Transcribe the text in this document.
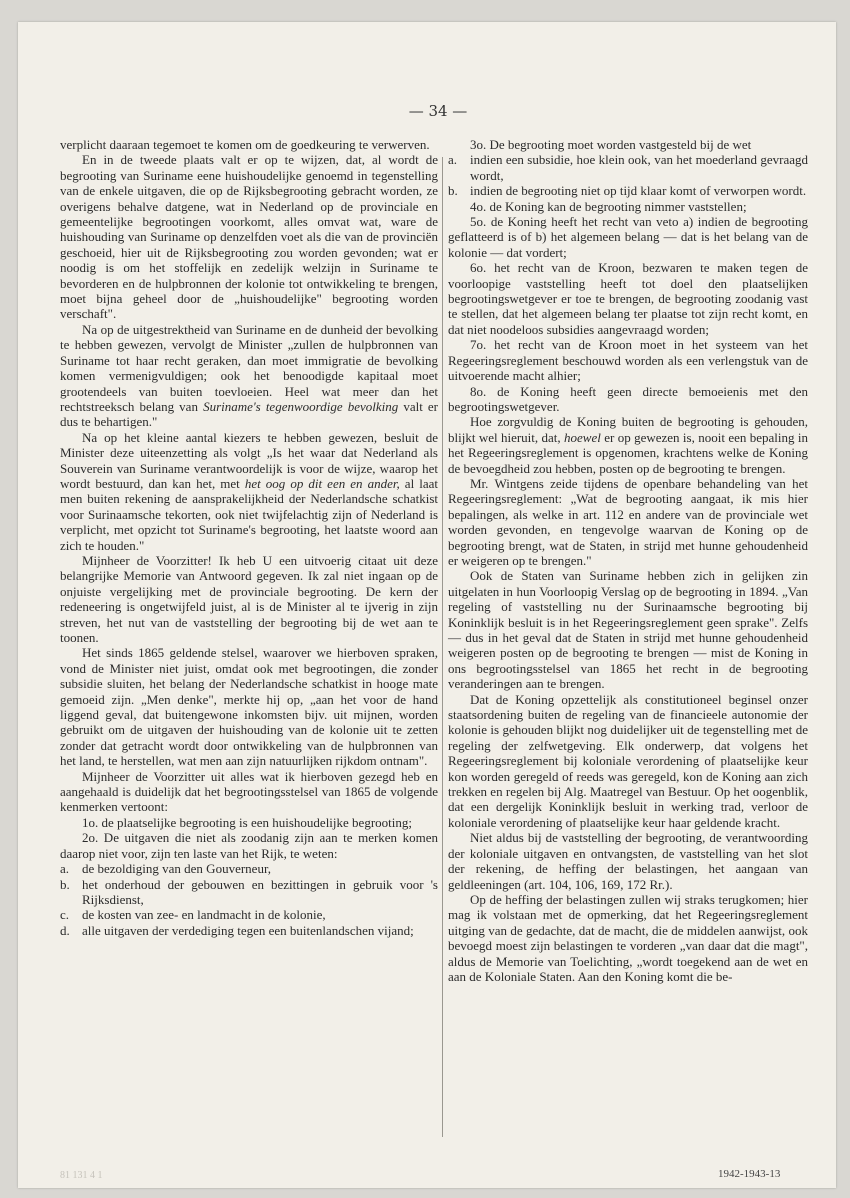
— 34 —

verplicht daaraan tegemoet te komen om de goedkeuring te verwerven.

En in de tweede plaats valt er op te wijzen, dat, al wordt de begrooting van Suriname eene huishoudelijke genoemd in tegenstelling van de enkele uitgaven, die op de Rijksbegrooting gebracht worden, ze overigens behalve datgene, wat in Nederland op de provinciale en gemeentelijke begrootingen voorkomt, alles omvat wat, ware de huishouding van Suriname op denzelfden voet als die van de provinciën geschoeid, hier uit de Rijksbegrooting zou worden gevonden; wat er noodig is om het stoffelijk en zedelijk welzijn in Suriname te bevorderen en de hulpbronnen der kolonie tot ontwikkeling te brengen, moet bijna geheel door de „huishoudelijke" begrooting worden verschaft".

Na op de uitgestrektheid van Suriname en de dunheid der bevolking te hebben gewezen, vervolgt de Minister „zullen de hulpbronnen van Suriname tot haar recht geraken, dan moet immigratie de bevolking komen vermenigvuldigen; ook het benoodigde kapitaal moet grootendeels van buiten toevloeien. Heel wat meer dan het rechtstreeksch belang van Suriname's tegenwoordige bevolking valt er dus te behartigen."

Na op het kleine aantal kiezers te hebben gewezen, besluit de Minister deze uiteenzetting als volgt „Is het waar dat Nederland als Souverein van Suriname verantwoordelijk is voor de wijze, waarop het wordt bestuurd, dan kan het, met het oog op dit een en ander, al laat men buiten rekening de aansprakelijkheid der Nederlandsche schatkist voor Surinaamsche tekorten, ook niet twijfelachtig zijn of Nederland is verplicht, met opzicht tot Suriname's begrooting, het laatste woord aan zich te houden."

Mijnheer de Voorzitter! Ik heb U een uitvoerig citaat uit deze belangrijke Memorie van Antwoord gegeven. Ik zal niet ingaan op de onjuiste vergelijking met de provinciale begrooting. De kern der redeneering is ongetwijfeld juist, al is de Minister al te ijverig in zijn streven, het nut van de vaststelling der begrooting bij de wet aan te toonen.

Het sinds 1865 geldende stelsel, waarover we hierboven spraken, vond de Minister niet juist, omdat ook met begrootingen, die zonder subsidie sluiten, het belang der Nederlandsche schatkist in hooge mate gemoeid zijn. „Men denke", merkte hij op, „aan het voor de hand liggend geval, dat buitengewone inkomsten bijv. uit mijnen, worden gebruikt om de uitgaven der huishouding van de kolonie uit te zetten zonder dat getracht wordt door ontwikkeling van de hulpbronnen van het land, te herstellen, wat men aan zijn natuurlijken rijkdom ontnam".

Mijnheer de Voorzitter uit alles wat ik hierboven gezegd heb en aangehaald is duidelijk dat het begrootingsstelsel van 1865 de volgende kenmerken vertoont:

1o. de plaatselijke begrooting is een huishoudelijke begrooting;

2o. De uitgaven die niet als zoodanig zijn aan te merken komen daarop niet voor, zijn ten laste van het Rijk, te weten:

a. de bezoldiging van den Gouverneur,
b. het onderhoud der gebouwen en bezittingen in gebruik voor 's Rijksdienst,
c. de kosten van zee- en landmacht in de kolonie,
d. alle uitgaven der verdediging tegen een buitenlandschen vijand;

3o. De begrooting moet worden vastgesteld bij de wet

a. indien een subsidie, hoe klein ook, van het moederland gevraagd wordt,
b. indien de begrooting niet op tijd klaar komt of verworpen wordt.

4o. de Koning kan de begrooting nimmer vaststellen;

5o. de Koning heeft het recht van veto a) indien de begrooting geflatteerd is of b) het algemeen belang — dat is het belang van de kolonie — dat vordert;

6o. het recht van de Kroon, bezwaren te maken tegen de voorloopige vaststelling heeft tot doel den plaatselijken begrootingswetgever er toe te brengen, de begrooting zoodanig vast te stellen, dat het algemeen belang ter plaatse tot zijn recht komt, en dat niet noodeloos subsidies aangevraagd worden;

7o. het recht van de Kroon moet in het systeem van het Regeeringsreglement beschouwd worden als een verlengstuk van de uitvoerende macht alhier;

8o. de Koning heeft geen directe bemoeienis met den begrootingswetgever.

Hoe zorgvuldig de Koning buiten de begrooting is gehouden, blijkt wel hieruit, dat, hoewel er op gewezen is, nooit een bepaling in het Regeeringsreglement is opgenomen, krachtens welke de Koning de bevoegdheid zou hebben, posten op de begrooting te brengen.

Mr. Wintgens zeide tijdens de openbare behandeling van het Regeeringsreglement: „Wat de begrooting aangaat, ik mis hier bepalingen, als welke in art. 112 en andere van de provinciale wet worden gevonden, en tengevolge waarvan de Koning op de begrooting brengt, wat de Staten, in strijd met hunne gehoudenheid er weigeren op te brengen."

Ook de Staten van Suriname hebben zich in gelijken zin uitgelaten in hun Voorloopig Verslag op de begrooting in 1894. „Van regeling of vaststelling nu der Surinaamsche begrooting bij Koninklijk besluit is in het Regeeringsreglement geen sprake". Zelfs — dus in het geval dat de Staten in strijd met hunne gehoudenheid weigeren posten op de begrooting te brengen — mist de Koning in ons begrootingsstelsel van 1865 het recht in de begrooting veranderingen aan te brengen.

Dat de Koning opzettelijk als constitutioneel beginsel onzer staatsordening buiten de regeling van de financieele autonomie der kolonie is gehouden blijkt nog duidelijker uit de tegenstelling met de regeling der zelfwetgeving. Elk onderwerp, dat volgens het Regeeringsreglement bij koloniale verordening of plaatselijke keur kon worden geregeld of reeds was geregeld, kon de Koning aan zich trekken en regelen bij Alg. Maatregel van Bestuur. Op het oogenblik, dat een dergelijk Koninklijk besluit in werking trad, verloor de koloniale verordening of plaatselijke keur haar geldende kracht.

Niet aldus bij de vaststelling der begrooting, de verantwoording der koloniale uitgaven en ontvangsten, de vaststelling van het slot der rekening, de heffing der belastingen, het aangaan van geldleeningen (art. 104, 106, 169, 172 Rr.).

Op de heffing der belastingen zullen wij straks terugkomen; hier mag ik volstaan met de opmerking, dat het Regeeringsreglement uitging van de gedachte, dat de macht, die de middelen aanwijst, ook bevoegd moest zijn belastingen te vorderen „van daar dat die magt", aldus de Memorie van Toelichting, „wordt toegekend aan de wet en aan de Koloniale Staten. Aan den Koning komt die be-

81 131 4 1	1942-1943-13
